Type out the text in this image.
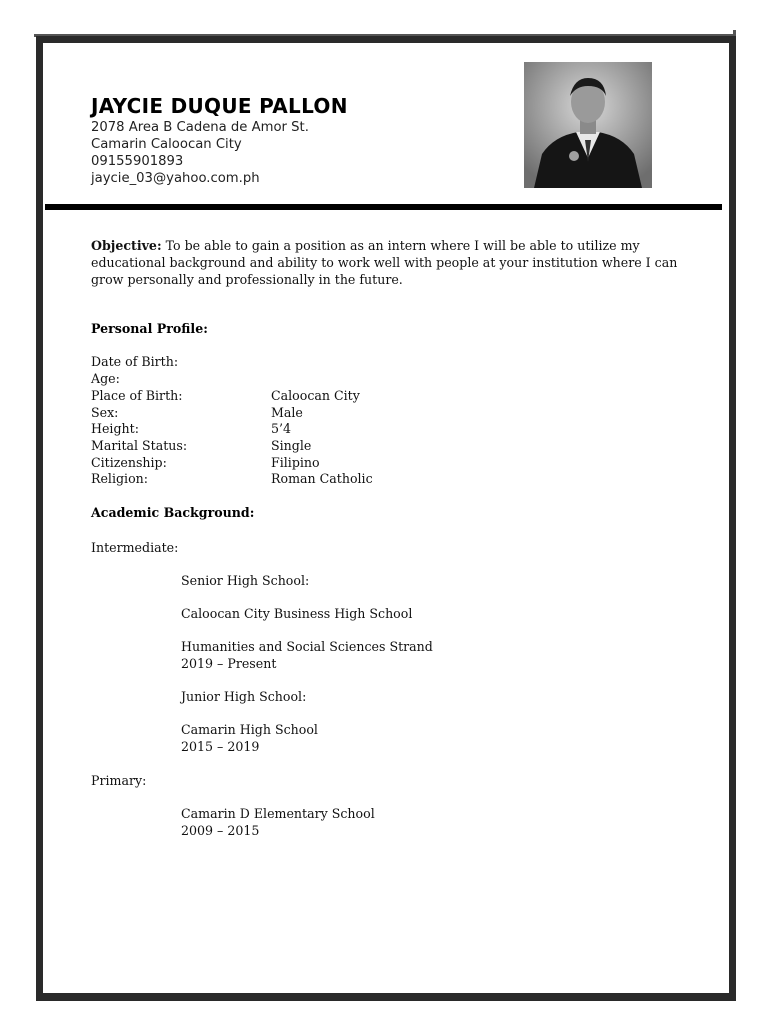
JAYCIE DUQUE PALLON
2078 Area B Cadena de Amor St.
Camarin Caloocan City
09155901893
jaycie_03@yahoo.com.ph
Objective: To be able to gain a position as an intern where I will be able to utilize my educational background and ability to work well with people at your institution where I can grow personally and professionally in the future.
Personal Profile:
Date of Birth:
Age:
Place of Birth:	Caloocan City
Sex:	Male
Height:	5’4
Marital Status:	Single
Citizenship:	Filipino
Religion:	Roman Catholic
Academic Background:
Intermediate:
Senior High School:
Caloocan City Business High School
Humanities and Social Sciences Strand
2019 – Present
Junior High School:
Camarin High School
2015 – 2019
Primary:
Camarin D Elementary School
2009 – 2015
